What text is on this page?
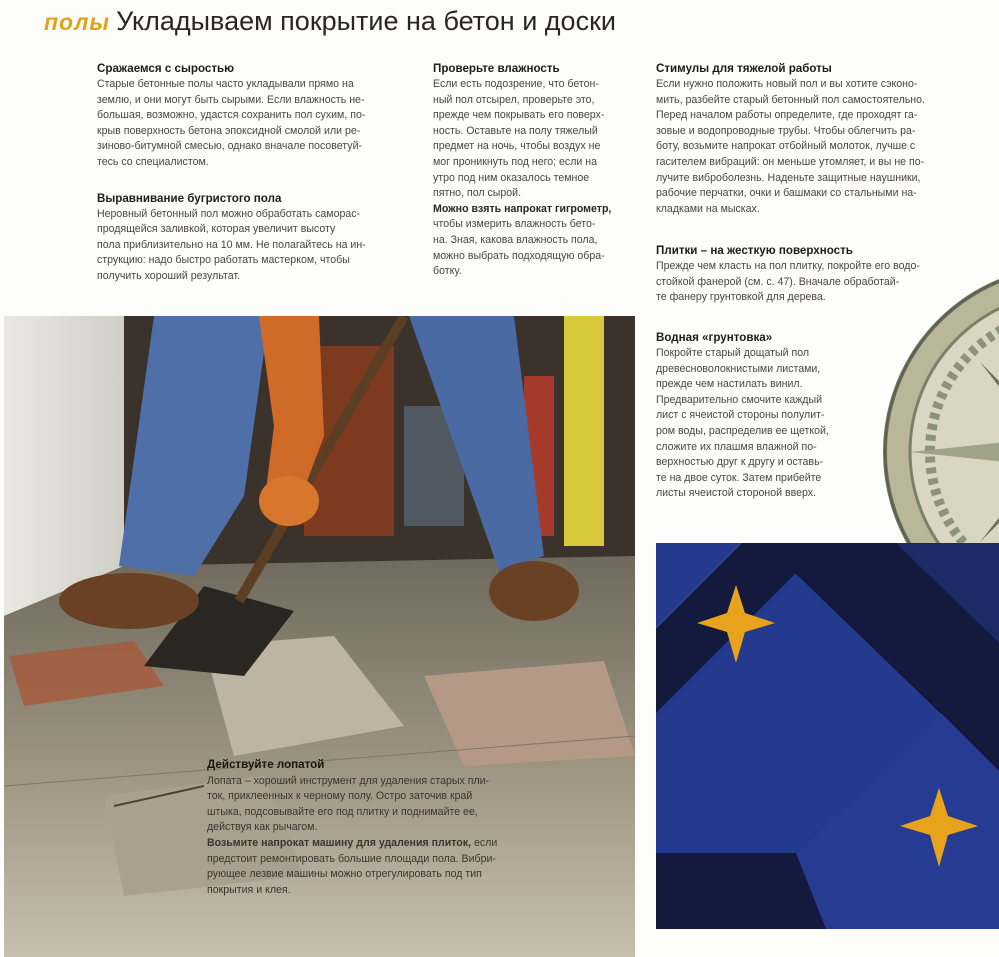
полы Укладываем покрытие на бетон и доски
Сражаемся с сыростью

Старые бетонные полы часто укладывали прямо на

землю, и они могут быть сырыми. Если влажность не-

большая, возможно, удастся сохранить пол сухим, по-

крыв поверхность бетона эпоксидной смолой или ре-

зиново-битумной смесью, однако вначале посоветуй-

тесь со специалистом.

Выравнивание бугристого пола

Неровный бетонный пол можно обработать саморас-

продящейся заливкой, которая увеличит высоту

пола приблизительно на 10 мм. Не полагайтесь на ин-

струкцию: надо быстро работать мастерком, чтобы

получить хороший результат.

Проверьте влажность

Если есть подозрение, что бетон-

ный пол отсырел, проверьте это,

прежде чем покрывать его поверх-

ность. Оставьте на полу тяжелый

предмет на ночь, чтобы воздух не

мог проникнуть под него; если на

утро под ним оказалось темное

пятно, пол сырой.

Можно взять напрокат гигрометр,

чтобы измерить влажность бето-

на. Зная, какова влажность пола,

можно выбрать подходящую обра-

ботку.

Стимулы для тяжелой работы

Если нужно положить новый пол и вы хотите сэконо-

мить, разбейте старый бетонный пол самостоятельно.

Перед началом работы определите, где проходят га-

зовые и водопроводные трубы. Чтобы облегчить ра-

боту, возьмите напрокат отбойный молоток, лучше с

гасителем вибраций: он меньше утомляет, и вы не по-

лучите виброболезнь. Наденьте защитные наушники,

рабочие перчатки, очки и башмаки со стальными на-

кладками на мысках.

Плитки – на жесткую поверхность

Прежде чем класть на пол плитку, покройте его водо-

стойкой фанерой (см. с. 47). Вначале обработай-

те фанеру грунтовкой для дерева.

Водная «грунтовка»

Покройте старый дощатый пол

древесноволокнистыми листами,

прежде чем настилать винил.

Предварительно смочите каждый

лист с ячеистой стороны полулит-

ром воды, распределив ее щеткой,

сложите их плашмя влажной по-

верхностью друг к другу и оставь-

те на двое суток. Затем прибейте

листы ячеистой стороной вверх.

Действуйте лопатой

Лопата – хороший инструмент для удаления старых пли-

ток, приклеенных к черному полу. Остро заточив край

штыка, подсовывайте его под плитку и поднимайте ее,

действуя как рычагом.

Возьмите напрокат машину для удаления плиток, если

предстоит ремонтировать большие площади пола. Вибри-

рующее лезвие машины можно отрегулировать под тип

покрытия и клея.
